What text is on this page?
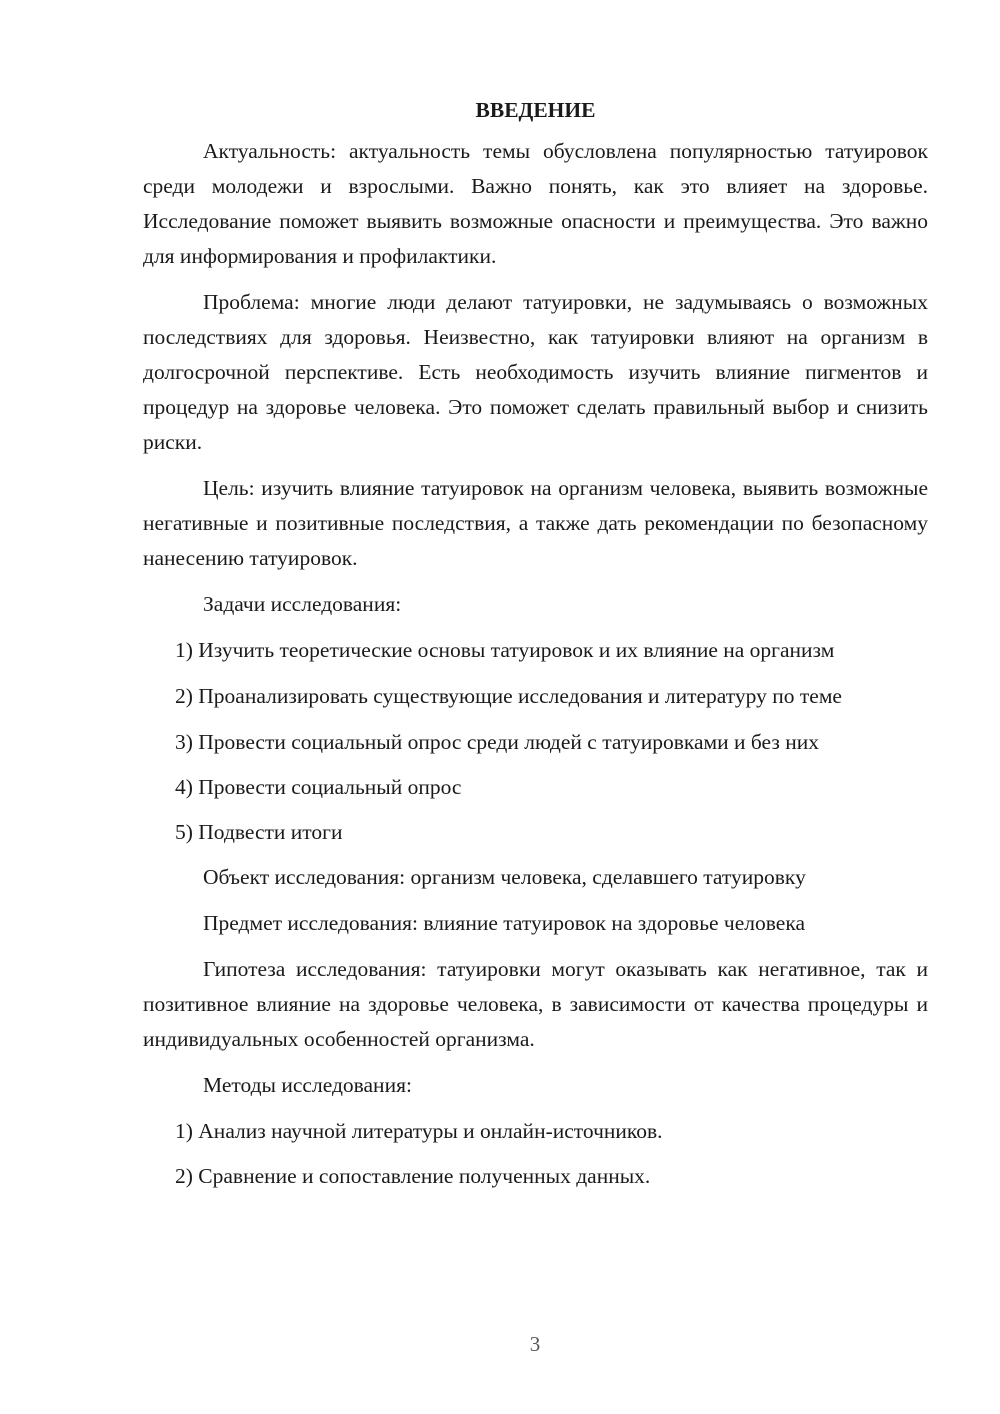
ВВЕДЕНИЕ

Актуальность: актуальность темы обусловлена популярностью татуировок среди молодежи и взрослыми. Важно понять, как это влияет на здоровье. Исследование поможет выявить возможные опасности и преимущества. Это важно для информирования и профилактики.

Проблема: многие люди делают татуировки, не задумываясь о возможных последствиях для здоровья. Неизвестно, как татуировки влияют на организм в долгосрочной перспективе. Есть необходимость изучить влияние пигментов и процедур на здоровье человека. Это поможет сделать правильный выбор и снизить риски.

Цель: изучить влияние татуировок на организм человека, выявить возможные негативные и позитивные последствия, а также дать рекомендации по безопасному нанесению татуировок.

Задачи исследования:

1) Изучить теоретические основы татуировок и их влияние на организм

2) Проанализировать существующие исследования и литературу по теме

3) Провести социальный опрос среди людей с татуировками и без них

4) Провести социальный опрос

5) Подвести итоги

Объект исследования: организм человека, сделавшего татуировку

Предмет исследования: влияние татуировок на здоровье человека

Гипотеза исследования: татуировки могут оказывать как негативное, так и позитивное влияние на здоровье человека, в зависимости от качества процедуры и индивидуальных особенностей организма.

Методы исследования:

1) Анализ научной литературы и онлайн-источников.

2) Сравнение и сопоставление полученных данных.

3
